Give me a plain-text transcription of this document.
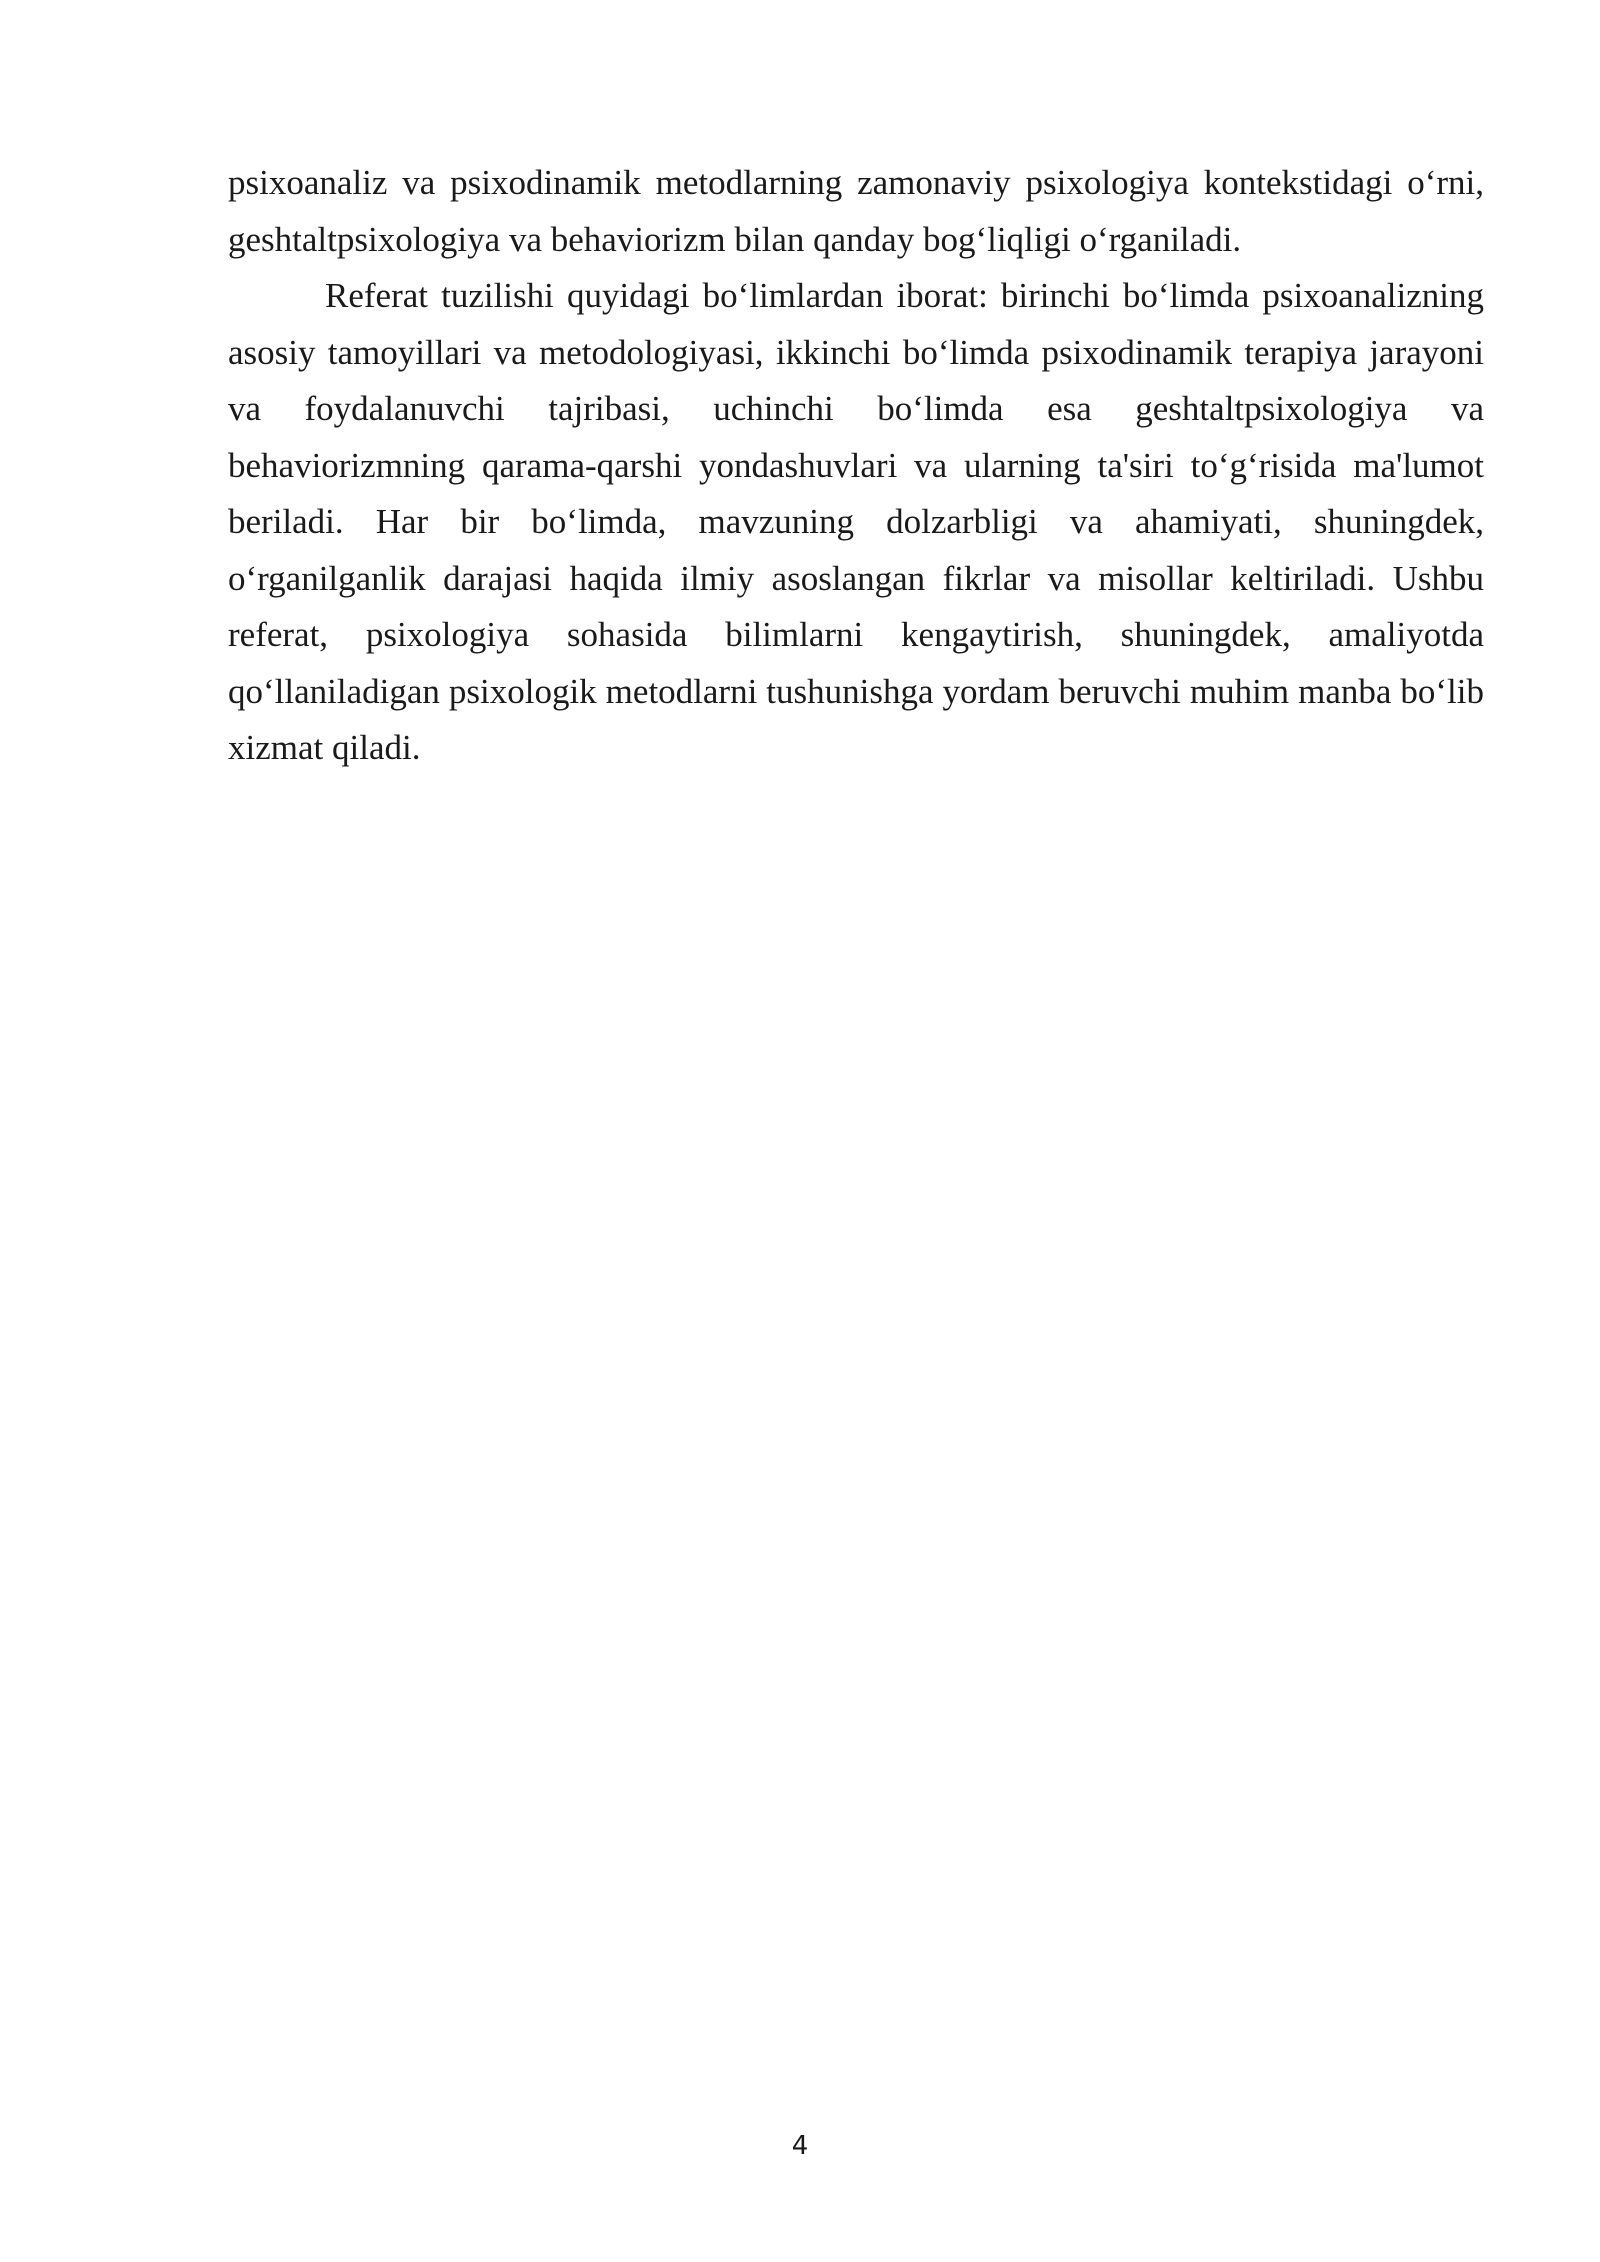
psixoanaliz va psixodinamik metodlarning zamonaviy psixologiya kontekstidagi o‘rni, geshtaltpsixologiya va behaviorizm bilan qanday bog‘liqligi o‘rganiladi.

Referat tuzilishi quyidagi bo‘limlardan iborat: birinchi bo‘limda psixoanalizning asosiy tamoyillari va metodologiyasi, ikkinchi bo‘limda psixodinamik terapiya jarayoni va foydalanuvchi tajribasi, uchinchi bo‘limda esa geshtaltpsixologiya va behaviorizmning qarama-qarshi yondashuvlari va ularning ta'siri to‘g‘risida ma'lumot beriladi. Har bir bo‘limda, mavzuning dolzarbligi va ahamiyati, shuningdek, o‘rganilganlik darajasi haqida ilmiy asoslangan fikrlar va misollar keltiriladi. Ushbu referat, psixologiya sohasida bilimlarni kengaytirish, shuningdek, amaliyotda qo‘llaniladigan psixologik metodlarni tushunishga yordam beruvchi muhim manba bo‘lib xizmat qiladi.

4
